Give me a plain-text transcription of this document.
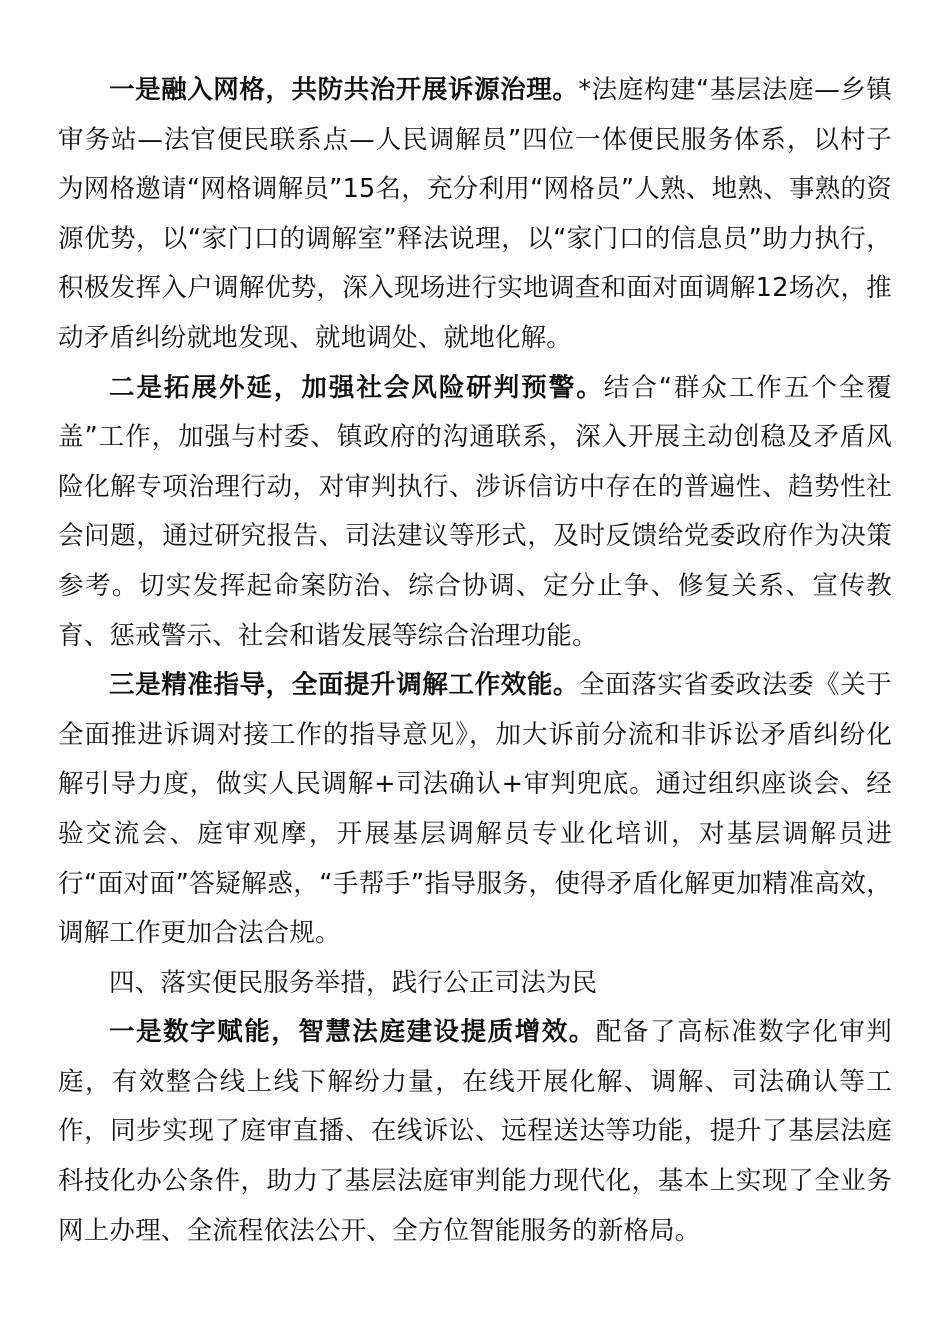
一是融入网格，共防共治开展诉源治理。*法庭构建“基层法庭—乡镇审务站—法官便民联系点—人民调解员”四位一体便民服务体系，以村子为网格邀请“网格调解员”15名，充分利用“网格员”人熟、地熟、事熟的资源优势，以“家门口的调解室”释法说理，以“家门口的信息员”助力执行，积极发挥入户调解优势，深入现场进行实地调查和面对面调解12场次，推动矛盾纠纷就地发现、就地调处、就地化解。

二是拓展外延，加强社会风险研判预警。结合“群众工作五个全覆盖”工作，加强与村委、镇政府的沟通联系，深入开展主动创稳及矛盾风险化解专项治理行动，对审判执行、涉诉信访中存在的普遍性、趋势性社会问题，通过研究报告、司法建议等形式，及时反馈给党委政府作为决策参考。切实发挥起命案防治、综合协调、定分止争、修复关系、宣传教育、惩戒警示、社会和谐发展等综合治理功能。

三是精准指导，全面提升调解工作效能。全面落实省委政法委《关于全面推进诉调对接工作的指导意见》，加大诉前分流和非诉讼矛盾纠纷化解引导力度，做实人民调解+司法确认+审判兜底。通过组织座谈会、经验交流会、庭审观摩，开展基层调解员专业化培训，对基层调解员进行“面对面”答疑解惑，“手帮手”指导服务，使得矛盾化解更加精准高效，调解工作更加合法合规。

四、落实便民服务举措，践行公正司法为民

一是数字赋能，智慧法庭建设提质增效。配备了高标准数字化审判庭，有效整合线上线下解纷力量，在线开展化解、调解、司法确认等工作，同步实现了庭审直播、在线诉讼、远程送达等功能，提升了基层法庭科技化办公条件，助力了基层法庭审判能力现代化，基本上实现了全业务网上办理、全流程依法公开、全方位智能服务的新格局。
